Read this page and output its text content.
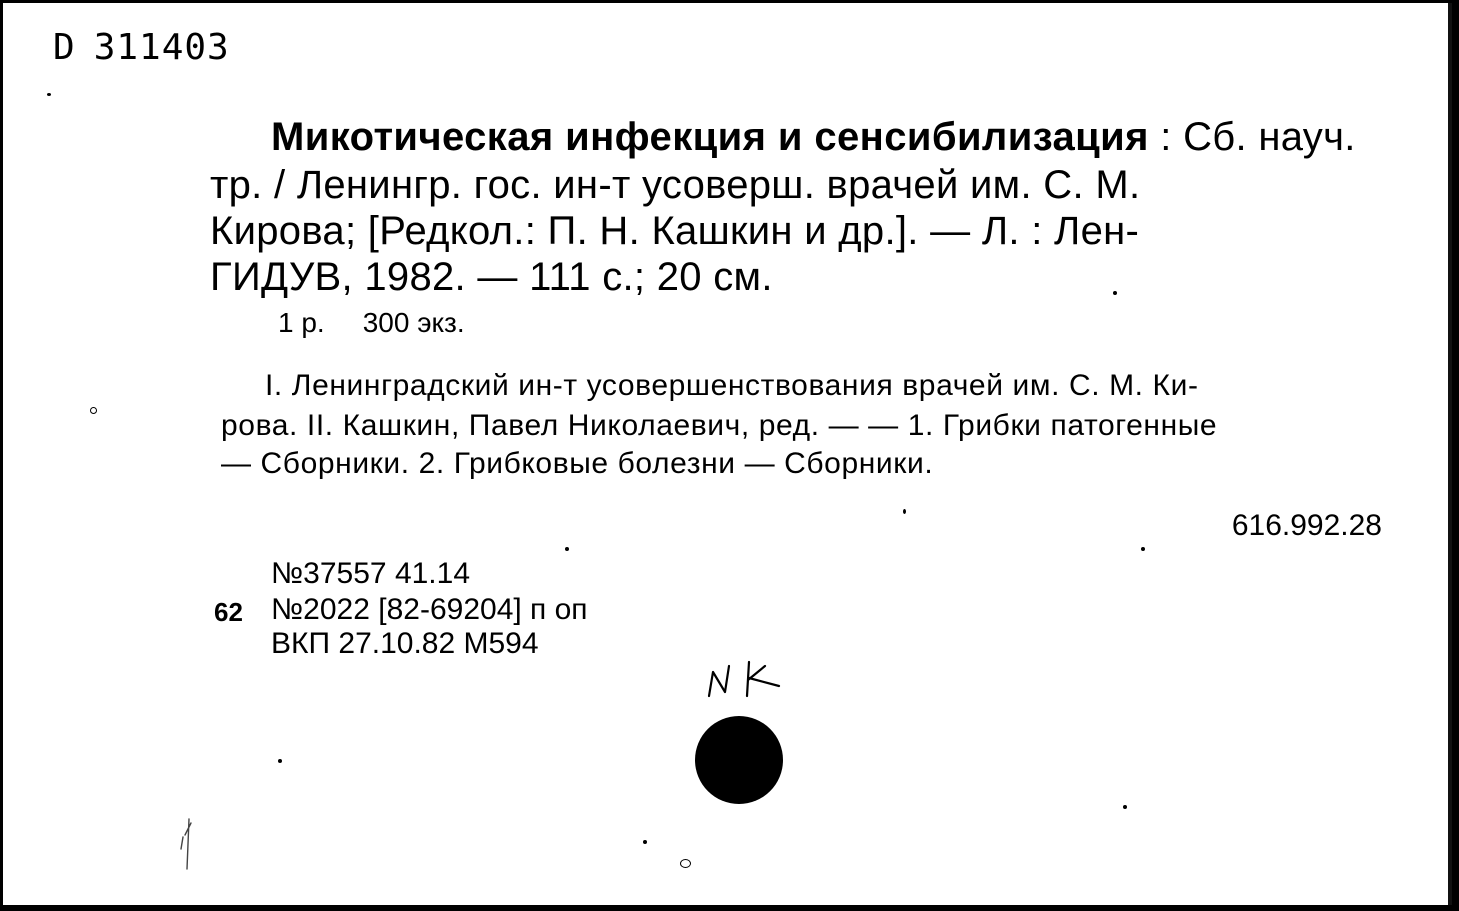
D 311403
Микотическая инфекция и сенсибилизация : Сб. науч.
тр. / Ленингр. гос. ин-т усоверш. врачей им. С. М.
Кирова; [Редкол.: П. Н. Кашкин и др.]. — Л. : Лен-
ГИДУВ, 1982. — 111 с.; 20 см.
1 р. 300 экз.
I. Ленинградский ин-т усовершенствования врачей им. С. М. Ки-
рова. II. Кашкин, Павел Николаевич, ред. — — 1. Грибки патогенные
— Сборники. 2. Грибковые болезни — Сборники.
616.992.28
№37557 41.14
62 №2022 [82-69204] п оп
ВКП 27.10.82 М594
